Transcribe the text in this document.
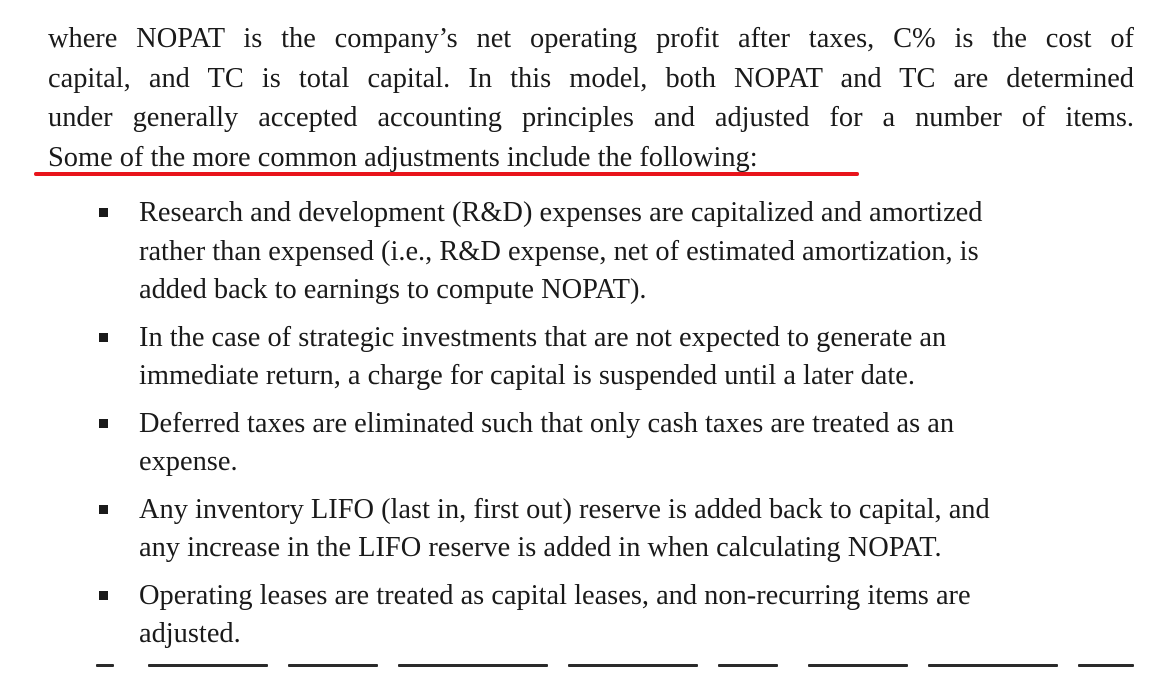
where NOPAT is the company’s net operating profit after taxes, C% is the cost of
capital, and TC is total capital. In this model, both NOPAT and TC are determined
under generally accepted accounting principles and adjusted for a number of items.
Some of the more common adjustments include the following:

Research and development (R&D) expenses are capitalized and amortized
rather than expensed (i.e., R&D expense, net of estimated amortization, is
added back to earnings to compute NOPAT).
In the case of strategic investments that are not expected to generate an
immediate return, a charge for capital is suspended until a later date.
Deferred taxes are eliminated such that only cash taxes are treated as an
expense.
Any inventory LIFO (last in, first out) reserve is added back to capital, and
any increase in the LIFO reserve is added in when calculating NOPAT.
Operating leases are treated as capital leases, and non-recurring items are
adjusted.
